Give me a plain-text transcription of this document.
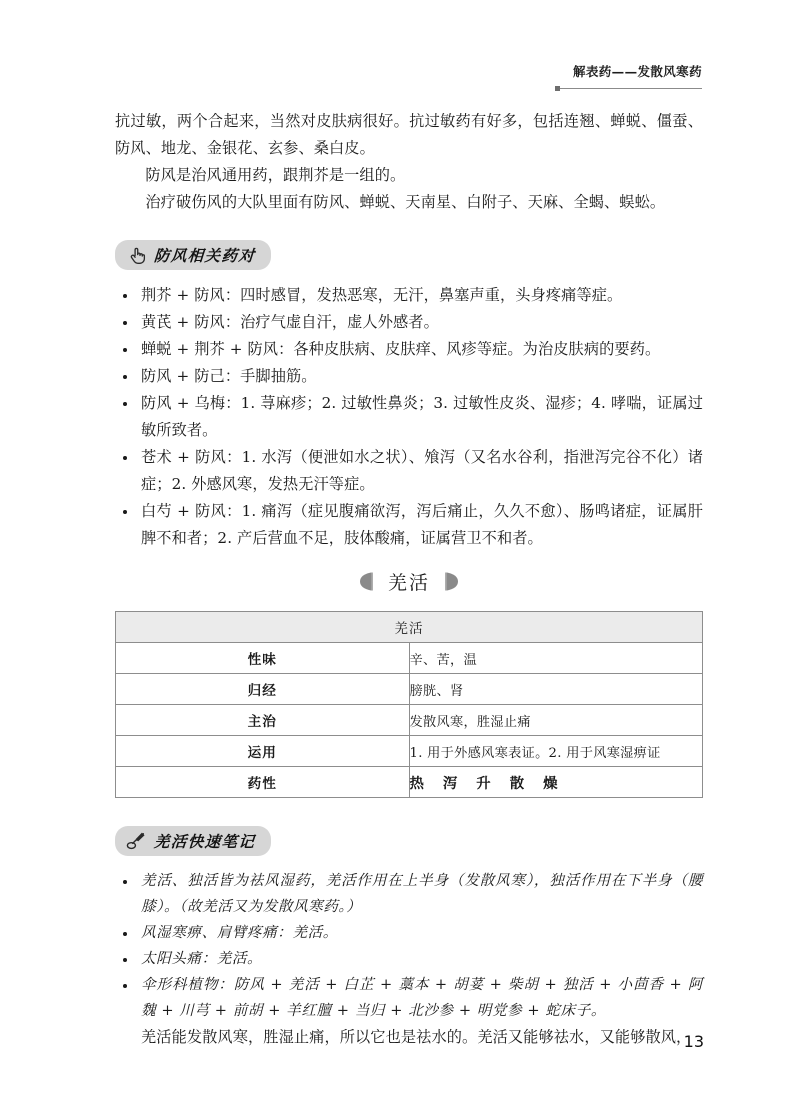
解表药——发散风寒药

抗过敏，两个合起来，当然对皮肤病很好。抗过敏药有好多，包括连翘、蝉蜕、僵蚕、防风、地龙、金银花、玄参、桑白皮。

防风是治风通用药，跟荆芥是一组的。

治疗破伤风的大队里面有防风、蝉蜕、天南星、白附子、天麻、全蝎、蜈蚣。

防风相关药对
荆芥 + 防风：四时感冒，发热恶寒，无汗，鼻塞声重，头身疼痛等症。
黄芪 + 防风：治疗气虚自汗，虚人外感者。
蝉蜕 + 荆芥 + 防风：各种皮肤病、皮肤痒、风疹等症。为治皮肤病的要药。
防风 + 防己：手脚抽筋。
防风 + 乌梅：1. 荨麻疹；2. 过敏性鼻炎；3. 过敏性皮炎、湿疹；4. 哮喘，证属过敏所致者。
苍术 + 防风：1. 水泻（便泄如水之状）、飧泻（又名水谷利，指泄泻完谷不化）诸症；2. 外感风寒，发热无汗等症。
白芍 + 防风：1. 痛泻（症见腹痛欲泻，泻后痛止，久久不愈）、肠鸣诸症，证属肝脾不和者；2. 产后营血不足，肢体酸痛，证属营卫不和者。
羌活
羌活	
性味	辛、苦，温
归经	膀胱、肾
主治	发散风寒，胜湿止痛
运用	1. 用于外感风寒表证。2. 用于风寒湿痹证
药性	热 泻 升 散 燥
羌活快速笔记
羌活、独活皆为祛风湿药，羌活作用在上半身（发散风寒），独活作用在下半身（腰膝）。（故羌活又为发散风寒药。）
风湿寒痹、肩臂疼痛：羌活。
太阳头痛：羌活。
伞形科植物：防风 + 羌活 + 白芷 + 藁本 + 胡荽 + 柴胡 + 独活 + 小茴香 + 阿魏 + 川芎 + 前胡 + 羊红膻 + 当归 + 北沙参 + 明党参 + 蛇床子。

羌活能发散风寒，胜湿止痛，所以它也是祛水的。羌活又能够祛水，又能够散风，

13
